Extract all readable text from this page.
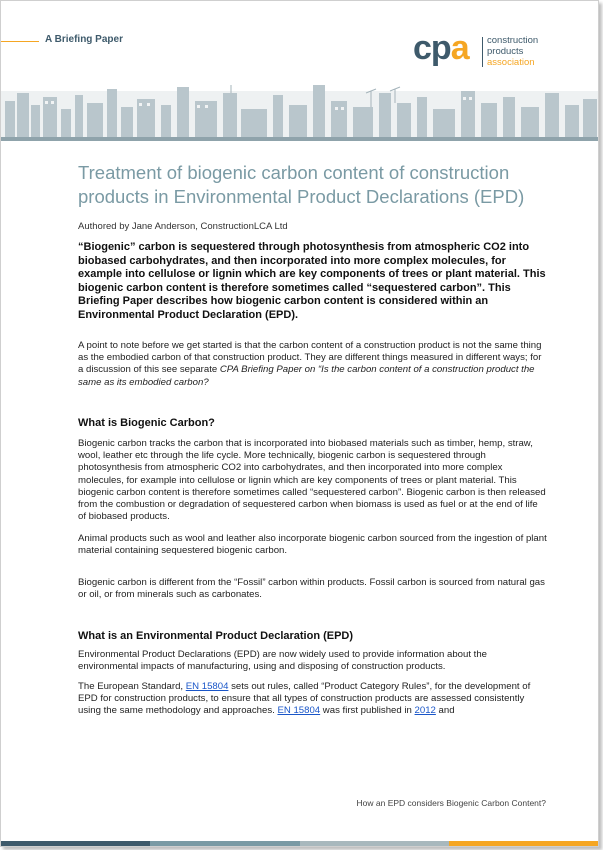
A Briefing Paper	cpa construction
products
association
Treatment of biogenic carbon content of construction products in Environmental Product Declarations (EPD)
Authored by Jane Anderson, ConstructionLCA Ltd

“Biogenic” carbon is sequestered through photosynthesis from atmospheric CO2 into biobased carbohydrates, and then incorporated into more complex molecules, for example into cellulose or lignin which are key components of trees or plant material. This biogenic carbon content is therefore sometimes called “sequestered carbon”. This Briefing Paper describes how biogenic carbon content is considered within an Environmental Product Declaration (EPD).

A point to note before we get started is that the carbon content of a construction product is not the same thing as the embodied carbon of that construction product. They are different things measured in different ways; for a discussion of this see separate CPA Briefing Paper on “Is the carbon content of a construction product the same as its embodied carbon?

What is Biogenic Carbon?

Biogenic carbon tracks the carbon that is incorporated into biobased materials such as timber, hemp, straw, wool, leather etc through the life cycle. More technically, biogenic carbon is sequestered through photosynthesis from atmospheric CO2 into carbohydrates, and then incorporated into more complex molecules, for example into cellulose or lignin which are key components of trees or plant material. This biogenic carbon content is therefore sometimes called “sequestered carbon”. Biogenic carbon is then released from the combustion or degradation of sequestered carbon when biomass is used as fuel or at the end of life of biobased products.

Animal products such as wool and leather also incorporate biogenic carbon sourced from the ingestion of plant material containing sequestered biogenic carbon.

Biogenic carbon is different from the “Fossil” carbon within products. Fossil carbon is sourced from natural gas or oil, or from minerals such as carbonates.

What is an Environmental Product Declaration (EPD)

Environmental Product Declarations (EPD) are now widely used to provide information about the environmental impacts of manufacturing, using and disposing of construction products.

The European Standard, EN 15804 sets out rules, called “Product Category Rules”, for the development of EPD for construction products, to ensure that all types of construction products are assessed consistently using the same methodology and approaches. EN 15804 was first published in 2012 and

How an EPD considers Biogenic Carbon Content?
